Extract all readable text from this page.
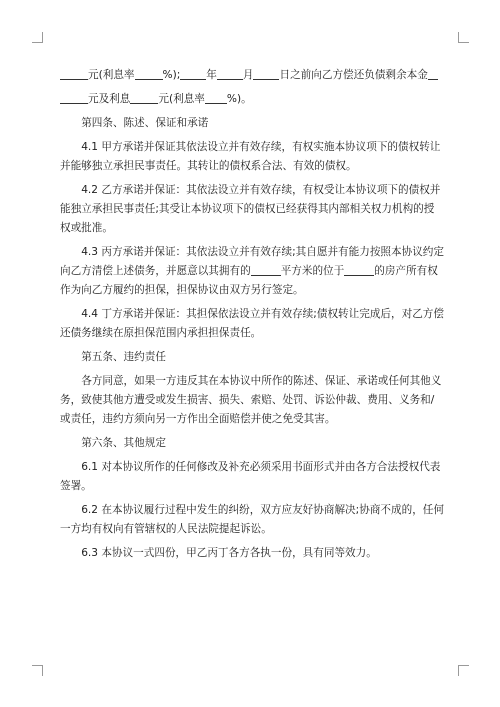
元(利息率	%); 年 月 日之前向乙方偿还负债剩余本金

元及利息	元(利息率 %)。

第四条、陈述、保证和承诺

4.1 甲方承诺并保证其依法设立并有效存续，有权实施本协议项下的债权转让并能够独立承担民事责任。其转让的债权系合法、有效的债权。

4.2 乙方承诺并保证：其依法设立并有效存续，有权受让本协议项下的债权并能独立承担民事责任;其受让本协议项下的债权已经获得其内部相关权力机构的授权或批准。

4.3 丙方承诺并保证：其依法设立并有效存续;其自愿并有能力按照本协议约定向乙方清偿上述债务，并愿意以其拥有的	平方米的位于	的房产所有权作为向乙方履约的担保，担保协议由双方另行签定。

4.4 丁方承诺并保证：其担保依法设立并有效存续;债权转让完成后，对乙方偿还债务继续在原担保范围内承担担保责任。

第五条、违约责任

各方同意，如果一方违反其在本协议中所作的陈述、保证、承诺或任何其他义务，致使其他方遭受或发生损害、损失、索赔、处罚、诉讼仲裁、费用、义务和/或责任，违约方须向另一方作出全面赔偿并使之免受其害。

第六条、其他规定

6.1 对本协议所作的任何修改及补充必须采用书面形式并由各方合法授权代表签署。

6.2 在本协议履行过程中发生的纠纷，双方应友好协商解决;协商不成的，任何一方均有权向有管辖权的人民法院提起诉讼。

6.3 本协议一式四份，甲乙丙丁各方各执一份，具有同等效力。
